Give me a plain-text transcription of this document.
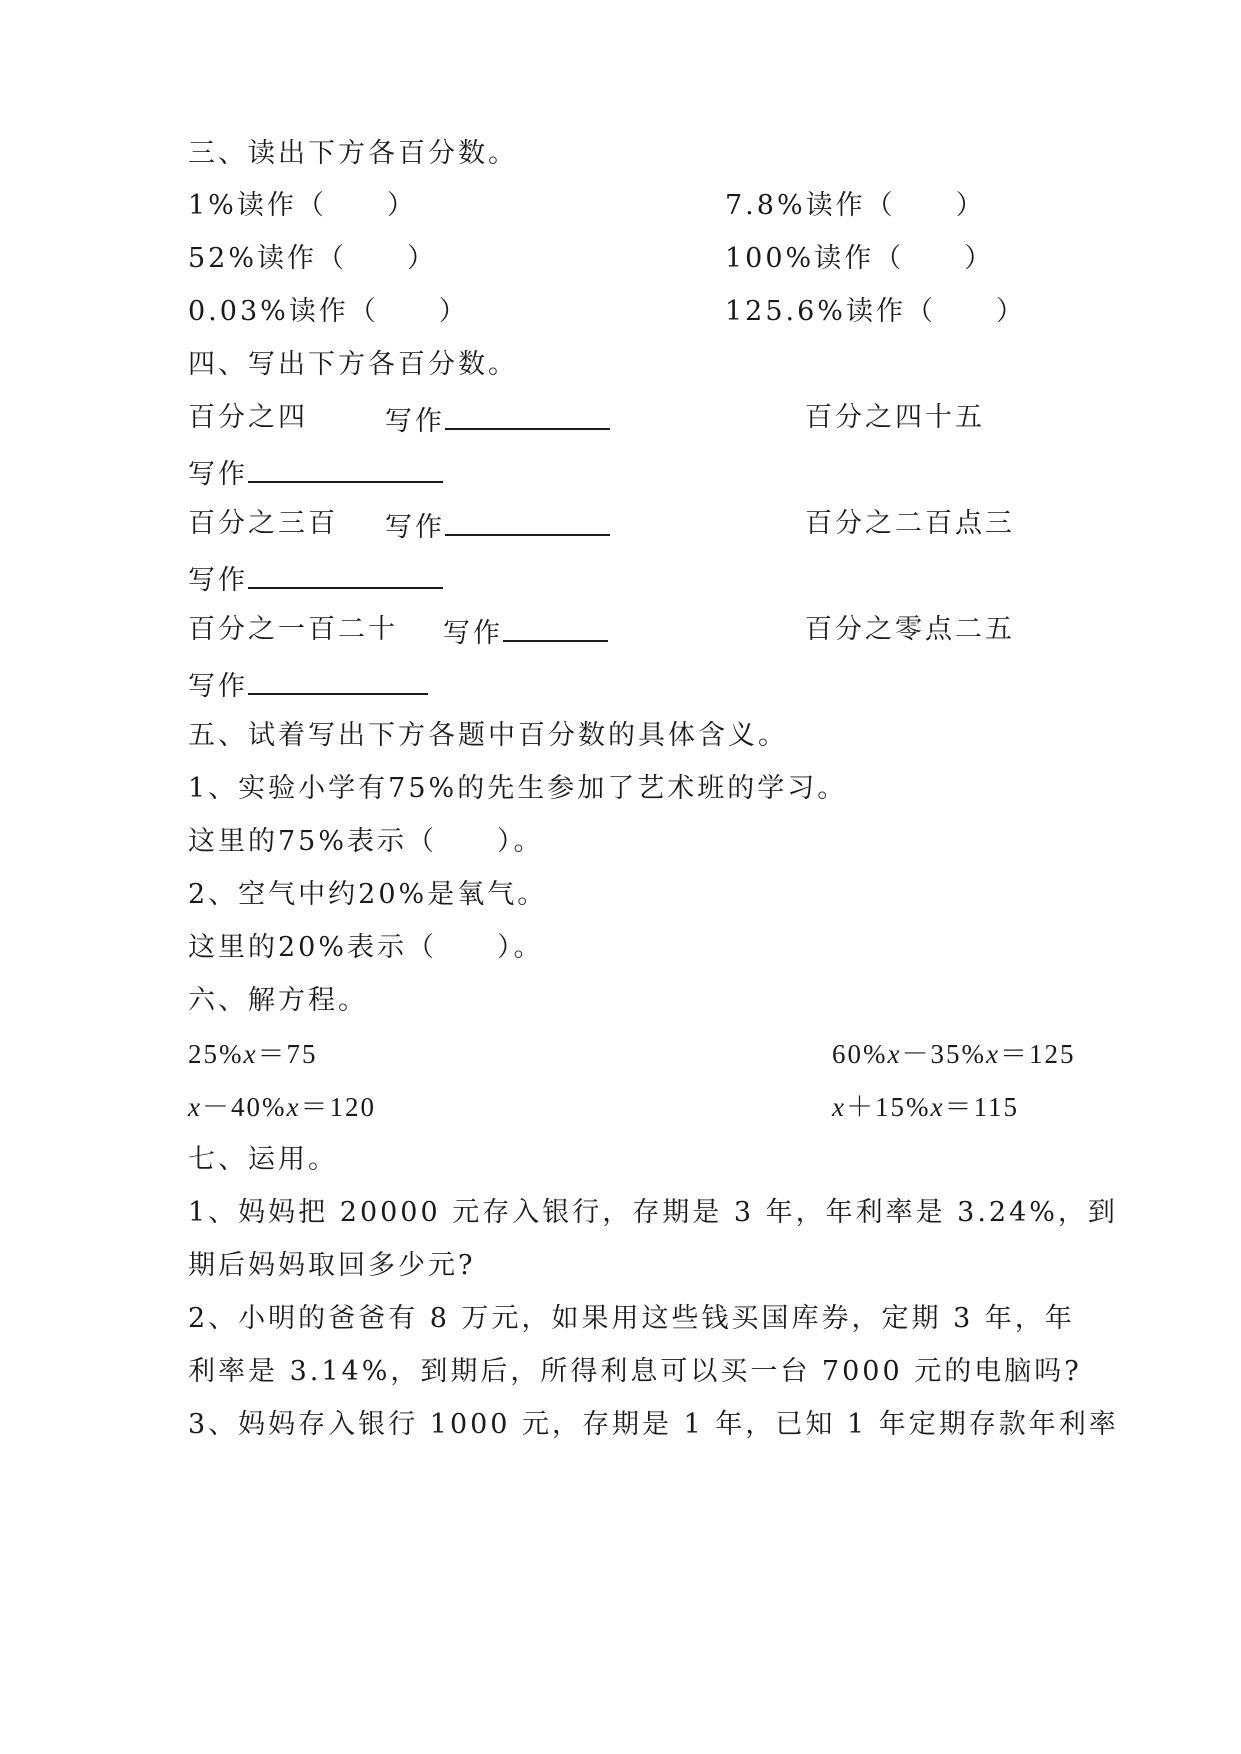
三、读出下方各百分数。
1%读作（　　）	7.8%读作（　　）
52%读作（　　）	100%读作（　　）
0.03%读作（　　）	125.6%读作（　　）
四、写出下方各百分数。
百分之四	写作	百分之四十五
写作
百分之三百 写作	百分之二百点三
写作
百分之一百二十 写作	百分之零点二五
写作
五、试着写出下方各题中百分数的具体含义。
1、实验小学有75%的先生参加了艺术班的学习。
这里的75%表示（　　）。
2、空气中约20%是氧气。
这里的20%表示（　　）。
六、解方程。
25%x＝75	60%x－35%x＝125
x－40%x＝120	x＋15%x＝115
七、运用。
1、妈妈把 20000 元存入银行，存期是 3 年，年利率是 3.24%，到
期后妈妈取回多少元?
2、小明的爸爸有 8 万元，如果用这些钱买国库券，定期 3 年，年
利率是 3.14%，到期后，所得利息可以买一台 7000 元的电脑吗?
3、妈妈存入银行 1000 元，存期是 1 年，已知 1 年定期存款年利率
